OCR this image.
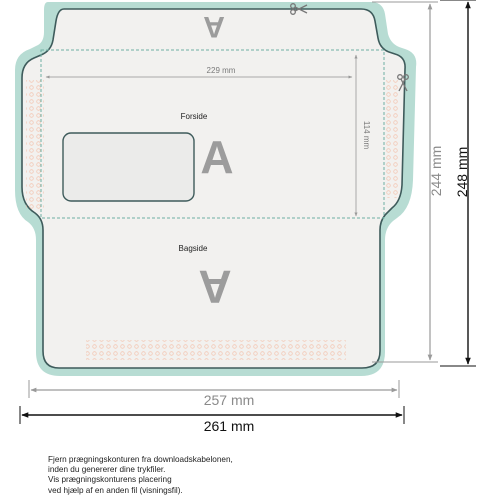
229 mm
114 mm
Forside
Bagside
A
A
A
244 mm 248 mm
257 mm
261 mm
Fjern prægningskonturen fra downloadskabelonen,
inden du genererer dine trykfiler.
Vis prægningskonturens placering
ved hjælp af en anden fil (visningsfil).
